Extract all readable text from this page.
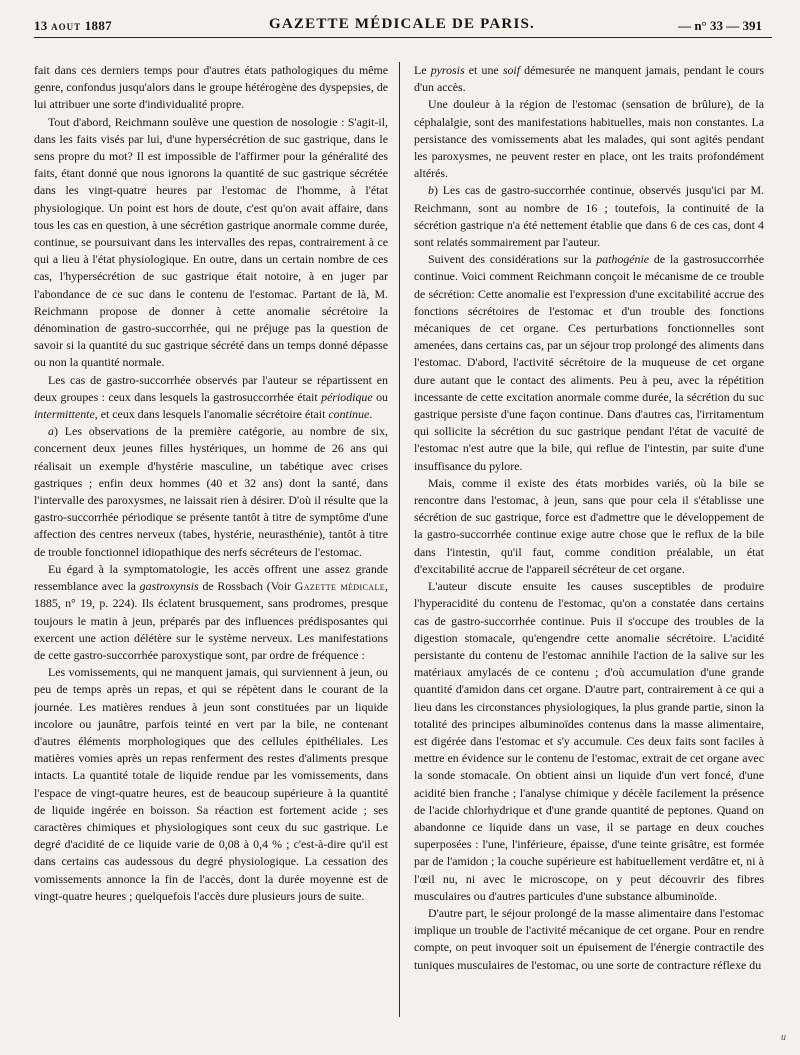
13 AOUT 1887	GAZETTE MÉDICALE DE PARIS.	— n° 33 — 391

fait dans ces derniers temps pour d'autres états pathologiques du même genre, confondus jusqu'alors dans le groupe hétérogène des dyspepsies, de lui attribuer une sorte d'individualité propre.

Tout d'abord, Reichmann soulève une question de nosologie : S'agit-il, dans les faits visés par lui, d'une hypersécrétion de suc gastrique, dans le sens propre du mot? Il est impossible de l'affirmer pour la généralité des faits, étant donné que nous ignorons la quantité de suc gastrique sécrétée dans les vingt-quatre heures par l'estomac de l'homme, à l'état physiologique. Un point est hors de doute, c'est qu'on avait affaire, dans tous les cas en question, à une sécrétion gastrique anormale comme durée, continue, se poursuivant dans les intervalles des repas, contrairement à ce qui a lieu à l'état physiologique. En outre, dans un certain nombre de ces cas, l'hypersécrétion de suc gastrique était notoire, à en juger par l'abondance de ce suc dans le contenu de l'estomac. Partant de là, M. Reichmann propose de donner à cette anomalie sécrétoire la dénomination de gastro-succorrhée, qui ne préjuge pas la question de savoir si la quantité du suc gastrique sécrété dans un temps donné dépasse ou non la quantité normale.

Les cas de gastro-succorrhée observés par l'auteur se répartissent en deux groupes : ceux dans lesquels la gastrosuccorrhée était périodique ou intermittente, et ceux dans lesquels l'anomalie sécrétoire était continue.

a) Les observations de la première catégorie, au nombre de six, concernent deux jeunes filles hystériques, un homme de 26 ans qui réalisait un exemple d'hystérie masculine, un tabétique avec crises gastriques ; enfin deux hommes (40 et 32 ans) dont la santé, dans l'intervalle des paroxysmes, ne laissait rien à désirer. D'où il résulte que la gastro-succorrhée périodique se présente tantôt à titre de symptôme d'une affection des centres nerveux (tabes, hystérie, neurasthénie), tantôt à titre de trouble fonctionnel idiopathique des nerfs sécréteurs de l'estomac.

Eu égard à la symptomatologie, les accès offrent une assez grande ressemblance avec la gastroxynsis de Rossbach (Voir Gazette médicale, 1885, n° 19, p. 224). Ils éclatent brusquement, sans prodromes, presque toujours le matin à jeun, préparés par des influences prédisposantes qui exercent une action délétère sur le système nerveux. Les manifestations de cette gastro-succorrhée paroxystique sont, par ordre de fréquence :

Les vomissements, qui ne manquent jamais, qui surviennent à jeun, ou peu de temps après un repas, et qui se répètent dans le courant de la journée. Les matières rendues à jeun sont constituées par un liquide incolore ou jaunâtre, parfois teinté en vert par la bile, ne contenant d'autres éléments morphologiques que des cellules épithéliales. Les matières vomies après un repas renferment des restes d'aliments presque intacts. La quantité totale de liquide rendue par les vomissements, dans l'espace de vingt-quatre heures, est de beaucoup supérieure à la quantité de liquide ingérée en boisson. Sa réaction est fortement acide ; ses caractères chimiques et physiologiques sont ceux du suc gastrique. Le degré d'acidité de ce liquide varie de 0,08 à 0,4 % ; c'est-à-dire qu'il est dans certains cas audessous du degré physiologique. La cessation des vomissements annonce la fin de l'accès, dont la durée moyenne est de vingt-quatre heures ; quelquefois l'accès dure plusieurs jours de suite.

Le pyrosis et une soif démesurée ne manquent jamais, pendant le cours d'un accès.

Une douleur à la région de l'estomac (sensation de brûlure), de la céphalalgie, sont des manifestations habituelles, mais non constantes. La persistance des vomissements abat les malades, qui sont agités pendant les paroxysmes, ne peuvent rester en place, ont les traits profondément altérés.

b) Les cas de gastro-succorrhée continue, observés jusqu'ici par M. Reichmann, sont au nombre de 16 ; toutefois, la continuité de la sécrétion gastrique n'a été nettement établie que dans 6 de ces cas, dont 4 sont relatés sommairement par l'auteur.

Suivent des considérations sur la pathogénie de la gastrosuccorrhée continue. Voici comment Reichmann conçoit le mécanisme de ce trouble de sécrétion: Cette anomalie est l'expression d'une excitabilité accrue des fonctions sécrétoires de l'estomac et d'un trouble des fonctions mécaniques de cet organe. Ces perturbations fonctionnelles sont amenées, dans certains cas, par un séjour trop prolongé des aliments dans l'estomac. D'abord, l'activité sécrétoire de la muqueuse de cet organe dure autant que le contact des aliments. Peu à peu, avec la répétition incessante de cette excitation anormale comme durée, la sécrétion du suc gastrique persiste d'une façon continue. Dans d'autres cas, l'irritamentum qui sollicite la sécrétion du suc gastrique pendant l'état de vacuité de l'estomac n'est autre que la bile, qui reflue de l'intestin, par suite d'une insuffisance du pylore.

Mais, comme il existe des états morbides variés, où la bile se rencontre dans l'estomac, à jeun, sans que pour cela il s'établisse une sécrétion de suc gastrique, force est d'admettre que le développement de la gastro-succorrhée continue exige autre chose que le reflux de la bile dans l'intestin, qu'il faut, comme condition préalable, un état d'excitabilité accrue de l'appareil sécréteur de cet organe.

L'auteur discute ensuite les causes susceptibles de produire l'hyperacidité du contenu de l'estomac, qu'on a constatée dans certains cas de gastro-succorrhée continue. Puis il s'occupe des troubles de la digestion stomacale, qu'engendre cette anomalie sécrétoire. L'acidité persistante du contenu de l'estomac annihile l'action de la salive sur les matériaux amylacés de ce contenu ; d'où accumulation d'une grande quantité d'amidon dans cet organe. D'autre part, contrairement à ce qui a lieu dans les circonstances physiologiques, la plus grande partie, sinon la totalité des principes albuminoïdes contenus dans la masse alimentaire, est digérée dans l'estomac et s'y accumule. Ces deux faits sont faciles à mettre en évidence sur le contenu de l'estomac, extrait de cet organe avec la sonde stomacale. On obtient ainsi un liquide d'un vert foncé, d'une acidité bien franche ; l'analyse chimique y décèle facilement la présence de l'acide chlorhydrique et d'une grande quantité de peptones. Quand on abandonne ce liquide dans un vase, il se partage en deux couches superposées : l'une, l'inférieure, épaisse, d'une teinte grisâtre, est formée par de l'amidon ; la couche supérieure est habituellement verdâtre et, ni à l'œil nu, ni avec le microscope, on y peut découvrir des fibres musculaires ou d'autres particules d'une substance albuminoïde.

D'autre part, le séjour prolongé de la masse alimentaire dans l'estomac implique un trouble de l'activité mécanique de cet organe. Pour en rendre compte, on peut invoquer soit un épuisement de l'énergie contractile des tuniques musculaires de l'estomac, ou une sorte de contracture réflexe du

u
